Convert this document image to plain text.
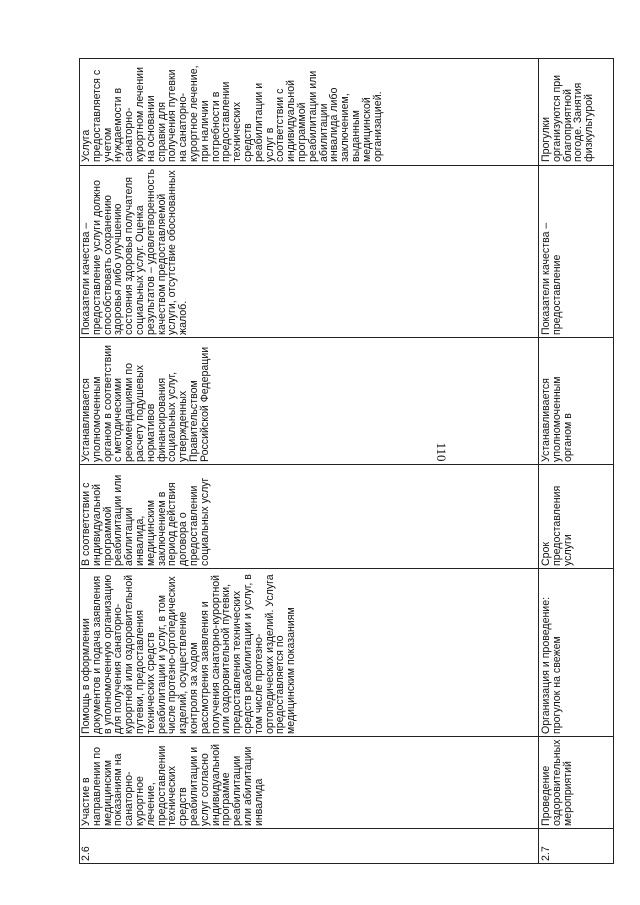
110
2.6
Участие в направлении по медицинским показаниям на санаторно-курортное лечение, предоставлении технических средств реабилитации и услуг согласно индивидуальной программе реабилитации или абилитации инвалида
Помощь в оформлении документов и подача заявления в уполномоченную организацию для получения санаторно-курортной или оздоровительной путевки, предоставления технических средств реабилитации и услуг, в том числе протезно-ортопедических изделий, осуществление контроля за ходом рассмотрения заявления и получения санаторно-курортной или оздоровительной путевки, предоставления технических средств реабилитации и услуг, в том числе протезно-ортопедических изделий. Услуга предоставляется по медицинским показаниям
В соответствии с индивидуальной программой реабилитации или абилитации инвалида, медицинским заключением в период действия договора о предоставлении социальных услуг
Устанавливается уполномоченным органом в соответствии с методическими рекомендациями по расчету подушевых нормативов финансирования социальных услуг, утвержденных Правительством Российской Федерации
Показатели качества – предоставление услуги должно способствовать сохранению здоровья либо улучшению состояния здоровья получателя социальных услуг. Оценка результатов – удовлетворенность качеством предоставляемой услуги, отсутствие обоснованных жалоб.
Услуга предоставляется с учетом нуждаемости в санаторно-курортном лечении на основании справки для получения путевки на санаторно-курортное лечение, при наличии потребности в предоставлении технических средств реабилитации и услуг в соответствии с индивидуальной программой реабилитации или абилитации инвалида либо заключением, выданным медицинской организацией.
2.7
Проведение оздоровительных мероприятий
Организация и проведение: прогулок на свежем
Срок предоставления услуги
Устанавливается уполномоченным органом в
Показатели качества – предоставление
Прогулки организуются при благоприятной погоде. Занятия физкультурой
